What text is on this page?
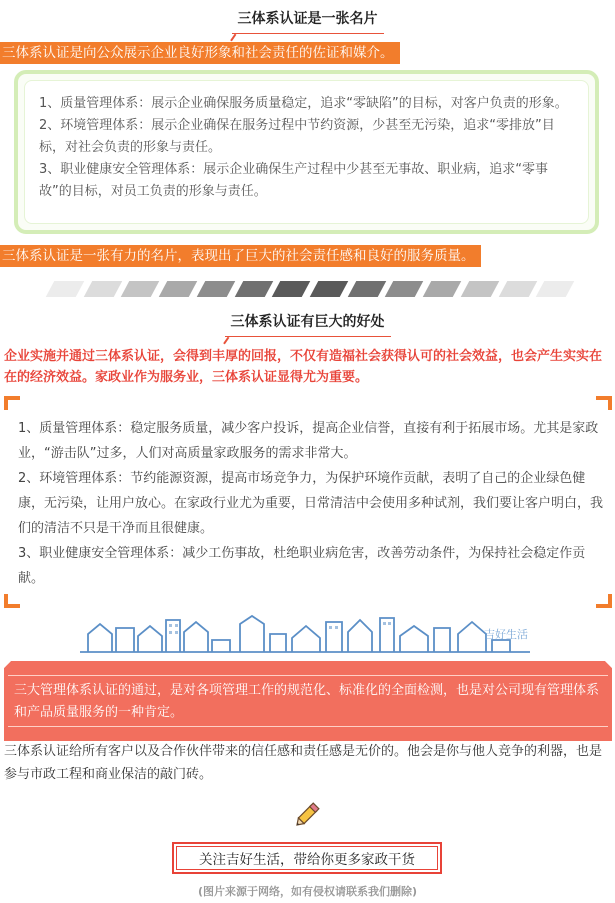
三体系认证是一张名片
三体系认证是向公众展示企业良好形象和社会责任的佐证和媒介。

1、质量管理体系：展示企业确保服务质量稳定，追求“零缺陷”的目标，对客户负责的形象。

2、环境管理体系：展示企业确保在服务过程中节约资源，少甚至无污染，追求“零排放”目标，对社会负责的形象与责任。

3、职业健康安全管理体系：展示企业确保生产过程中少甚至无事故、职业病，追求“零事故”的目标，对员工负责的形象与责任。

三体系认证是一张有力的名片，表现出了巨大的社会责任感和良好的服务质量。
三体系认证有巨大的好处
企业实施并通过三体系认证，会得到丰厚的回报，不仅有造福社会获得认可的社会效益，也会产生实实在在的经济效益。家政业作为服务业，三体系认证显得尤为重要。

1、质量管理体系：稳定服务质量，减少客户投诉，提高企业信誉，直接有利于拓展市场。尤其是家政业，“游击队”过多，人们对高质量家政服务的需求非常大。

2、环境管理体系：节约能源资源，提高市场竞争力，为保护环境作贡献，表明了自己的企业绿色健康，无污染，让用户放心。在家政行业尤为重要，日常清洁中会使用多种试剂，我们要让客户明白，我们的清洁不只是干净而且很健康。

3、职业健康安全管理体系：减少工伤事故，杜绝职业病危害，改善劳动条件，为保持社会稳定作贡献。

吉好生活

三大管理体系认证的通过，是对各项管理工作的规范化、标准化的全面检测，也是对公司现有管理体系和产品质量服务的一种肯定。

三体系认证给所有客户以及合作伙伴带来的信任感和责任感是无价的。他会是你与他人竞争的利器，也是参与市政工程和商业保洁的敲门砖。
关注吉好生活，带给你更多家政干货
(图片来源于网络，如有侵权请联系我们删除)
